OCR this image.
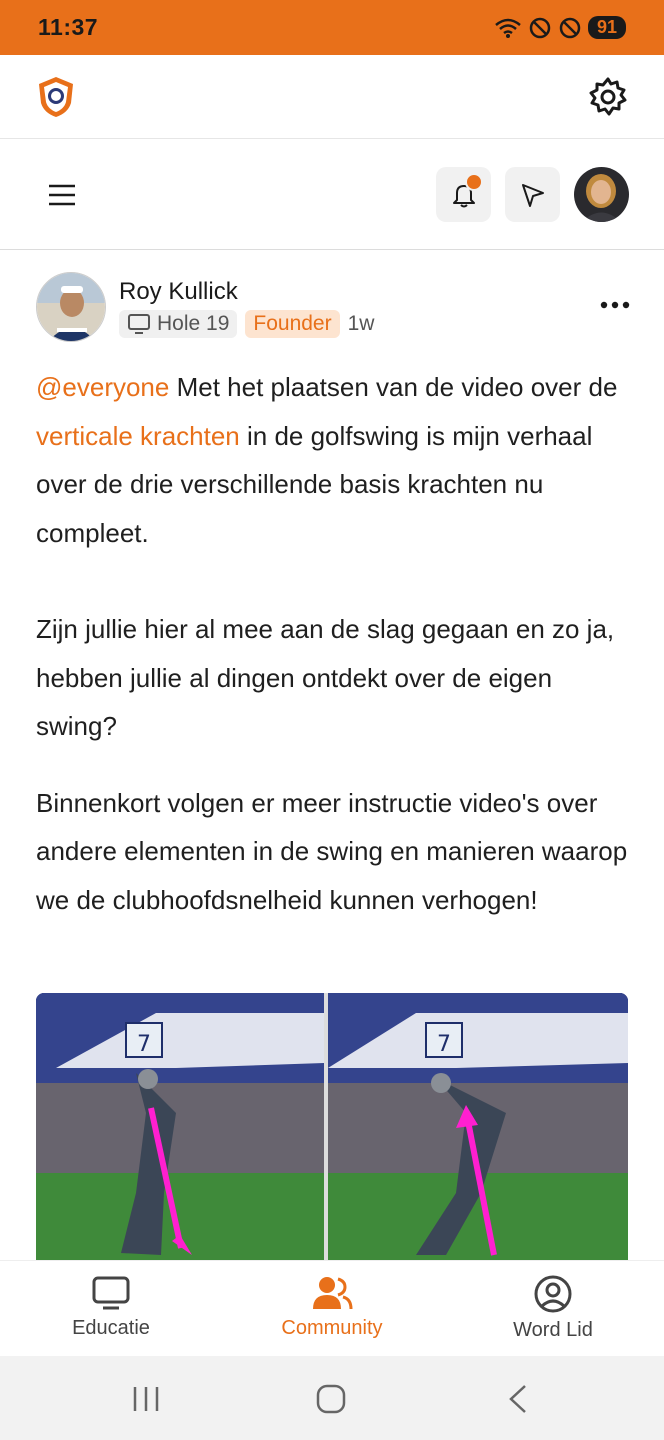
11:37	91
Roy Kullick
Hole 19	Founder 1w

@everyone Met het plaatsen van de video over de verticale krachten in de golfswing is mijn verhaal over de drie verschillende basis krachten nu compleet.

Zijn jullie hier al mee aan de slag gegaan en zo ja, hebben jullie al dingen ontdekt over de eigen swing?

Binnenkort volgen er meer instructie video's over andere elementen in de swing en manieren waarop we de clubhoofdsnelheid kunnen verhogen!

7	7
Educatie	Community	Word Lid
